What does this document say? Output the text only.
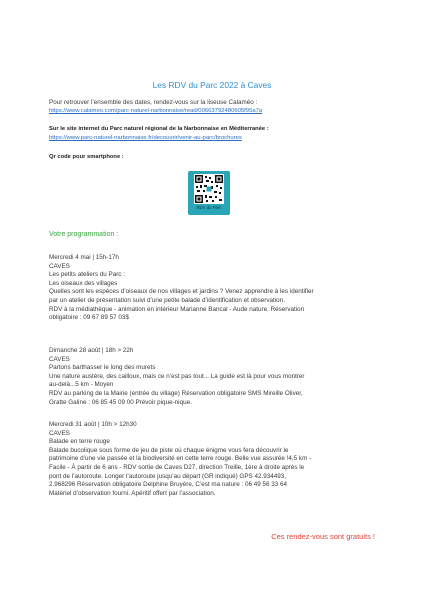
Les RDV du Parc 2022 à Caves
Pour retrouver l’ensemble des dates, rendez-vous sur la liseuse Calaméo :
https://www.calameo.com/parc-naturel-narbonnaise/read/00663792480605f95a7a
Sur le site internet du Parc naturel régional de la Narbonnaise en Méditerranée :
https://www.parc-naturel-narbonnaise.fr/decouvrir/venir-au-parc/brochures
Qr code pour smartphone :
RDV du Parc
Votre programmation :
Mercredi 4 mai | 15h-17h
CAVES
Les petits ateliers du Parc :
Les oiseaux des villages
Quelles sont les espèces d’oiseaux de nos villages et jardins ? Venez apprendre à les identifier
par un atelier de présentation suivi d’une petite balade d’identification et observation.
RDV à la médiathèque - animation en intérieur Marianne Bancal - Aude nature. Réservation
obligatoire : 09 67 89 57 03$
Dimanche 28 août | 18h > 22h
CAVES
Partons barthasser le long des murets
Une nature austère, des cailloux, mais ce n’est pas tout... La guide est là pour vous montrer
au-delà...5 km - Moyen
RDV au parking de la Mairie (entrée du village) Réservation obligatoire SMS Mireille Oliver,
Gratte Galine : 06 85 45 09 00 Prévoir pique-nique.
Mercredi 31 août | 10h > 12h30
CAVES
Balade en terre rouge
Balade bucolique sous forme de jeu de piste où chaque énigme vous fera découvrir le
patrimoine d’une vie passée et la biodiversité en cette terre rouge. Belle vue assurée !4,5 km -
Facile - À partir de 6 ans - RDV sortie de Caves D27, direction Treille, 1ère à droite après le
pont de l’autoroute. Longer l’autoroute jusqu’au départ (GR indiqué) GPS 42.934493,
2.968296 Réservation obligatoire Delphine Bruyère, C’est ma nature : 06 49 56 33 64
Matériel d’observation fourni. Apéritif offert par l’association.
Ces rendez-vous sont gratuits !
